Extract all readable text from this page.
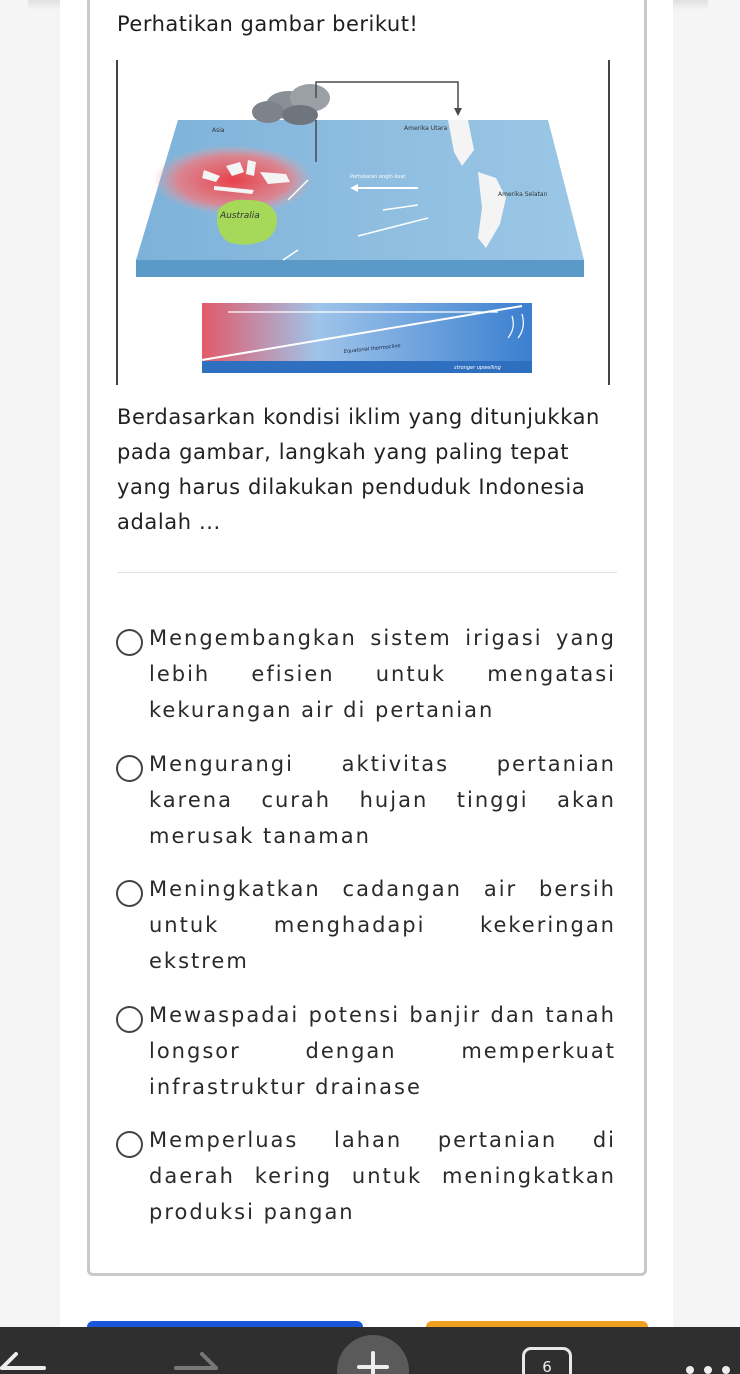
Perhatikan gambar berikut!
Australia
Asia	Amerika Utara
Amerika Selatan
Pertukaran angin kuat
Equatorial thermocline
stronger upwelling
Berdasarkan kondisi iklim yang ditunjukkan pada gambar, langkah yang paling tepat yang harus dilakukan penduduk Indonesia adalah ...
Mengembangkan sistem irigasi yang lebih efisien untuk mengatasi kekurangan air di pertanian
Mengurangi aktivitas pertanian karena curah hujan tinggi akan merusak tanaman
Meningkatkan cadangan air bersih untuk menghadapi kekeringan ekstrem
Mewaspadai potensi banjir dan tanah longsor dengan memperkuat infrastruktur drainase
Memperluas lahan pertanian di daerah kering untuk meningkatkan produksi pangan
6
